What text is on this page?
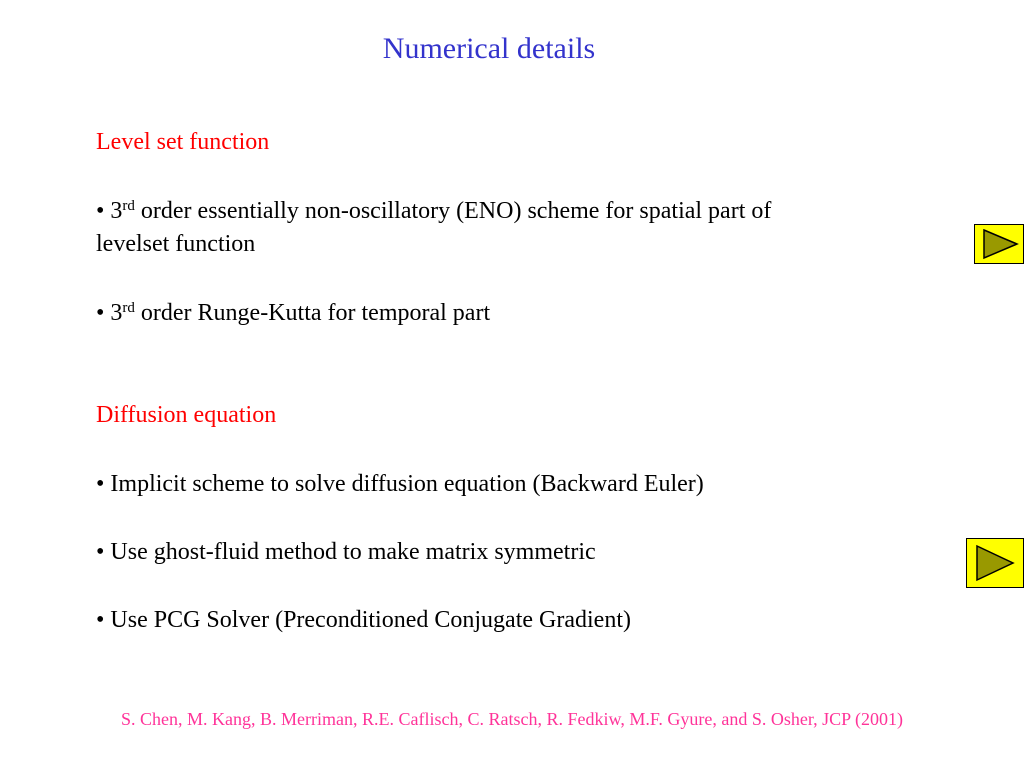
Numerical details
Level set function
• 3rd order essentially non-oscillatory (ENO) scheme for spatial part of
levelset function
• 3rd order Runge-Kutta for temporal part
Diffusion equation
• Implicit scheme to solve diffusion equation (Backward Euler)
• Use ghost-fluid method to make matrix symmetric
• Use PCG Solver (Preconditioned Conjugate Gradient)
S. Chen, M. Kang, B. Merriman, R.E. Caflisch, C. Ratsch, R. Fedkiw, M.F. Gyure, and S. Osher, JCP (2001)
